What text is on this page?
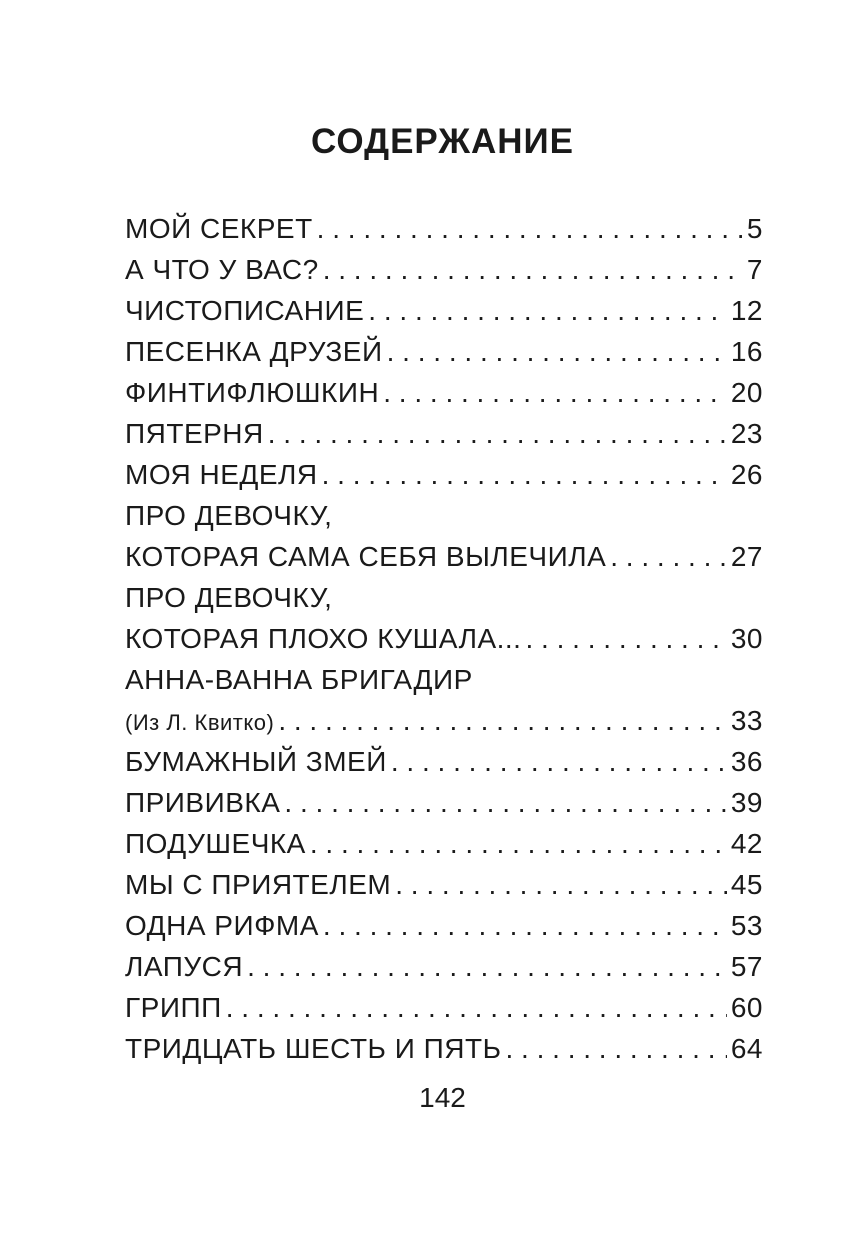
СОДЕРЖАНИЕ
МОЙ СЕКРЕТ . . .	5
А ЧТО У ВАС? . . .	7
ЧИСТОПИСАНИЕ . . .	12
ПЕСЕНКА ДРУЗЕЙ . . .	16
ФИНТИФЛЮШКИН . . .	20
ПЯТЕРНЯ . . .	23
МОЯ НЕДЕЛЯ . . .	26
ПРО ДЕВОЧКУ,
КОТОРАЯ САМА СЕБЯ ВЫЛЕЧИЛА . . .	27
ПРО ДЕВОЧКУ,
КОТОРАЯ ПЛОХО КУШАЛА... . . .	30
АННА-ВАННА БРИГАДИР
(Из Л. Квитко) . . .	33
БУМАЖНЫЙ ЗМЕЙ . . .	36
ПРИВИВКА . . .	39
ПОДУШЕЧКА . . .	42
МЫ С ПРИЯТЕЛЕМ . . .	45
ОДНА РИФМА . . .	53
ЛАПУСЯ . . .	57
ГРИПП . . .	60
ТРИДЦАТЬ ШЕСТЬ И ПЯТЬ . . .	64
142
